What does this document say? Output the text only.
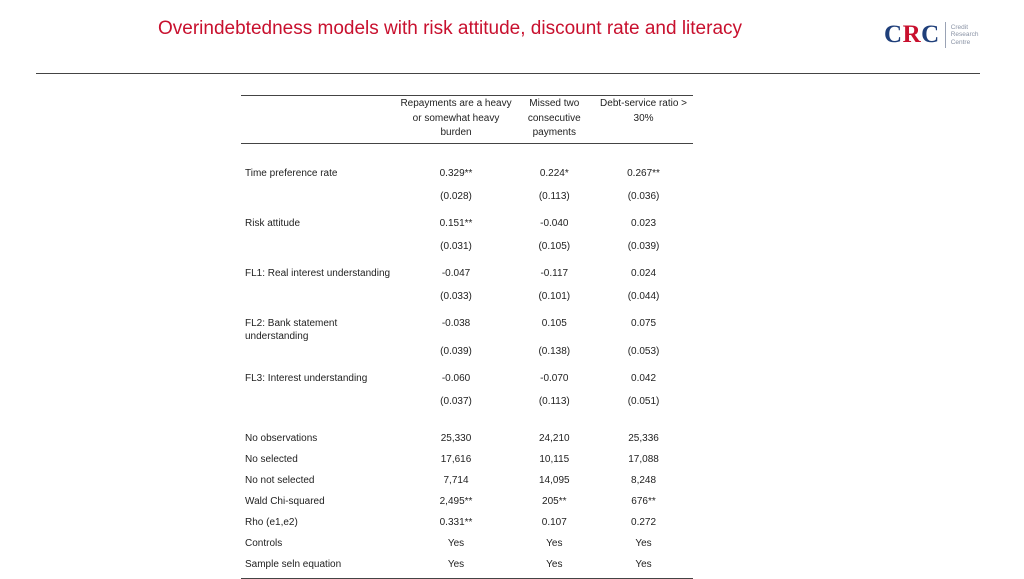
Overindebtedness models with risk attitude, discount rate and literacy	CRC Credit
Research
Centre
	Repayments are a heavy or somewhat heavy burden	Missed two consecutive payments	Debt-service ratio > 30%
Time preference rate	0.329**	0.224*	0.267**
	(0.028)	(0.113)	(0.036)
Risk attitude	0.151**	-0.040	0.023
	(0.031)	(0.105)	(0.039)
FL1: Real interest understanding	-0.047	-0.117	0.024
	(0.033)	(0.101)	(0.044)
FL2: Bank statement understanding	-0.038	0.105	0.075
	(0.039)	(0.138)	(0.053)
FL3: Interest understanding	-0.060	-0.070	0.042
	(0.037)	(0.113)	(0.051)

No observations	25,330	24,210	25,336
No selected	17,616	10,115	17,088
No not selected	7,714	14,095	8,248
Wald Chi-squared	2,495**	205**	676**
Rho (e1,e2)	0.331**	0.107	0.272
Controls	Yes	Yes	Yes
Sample seln equation	Yes	Yes	Yes
